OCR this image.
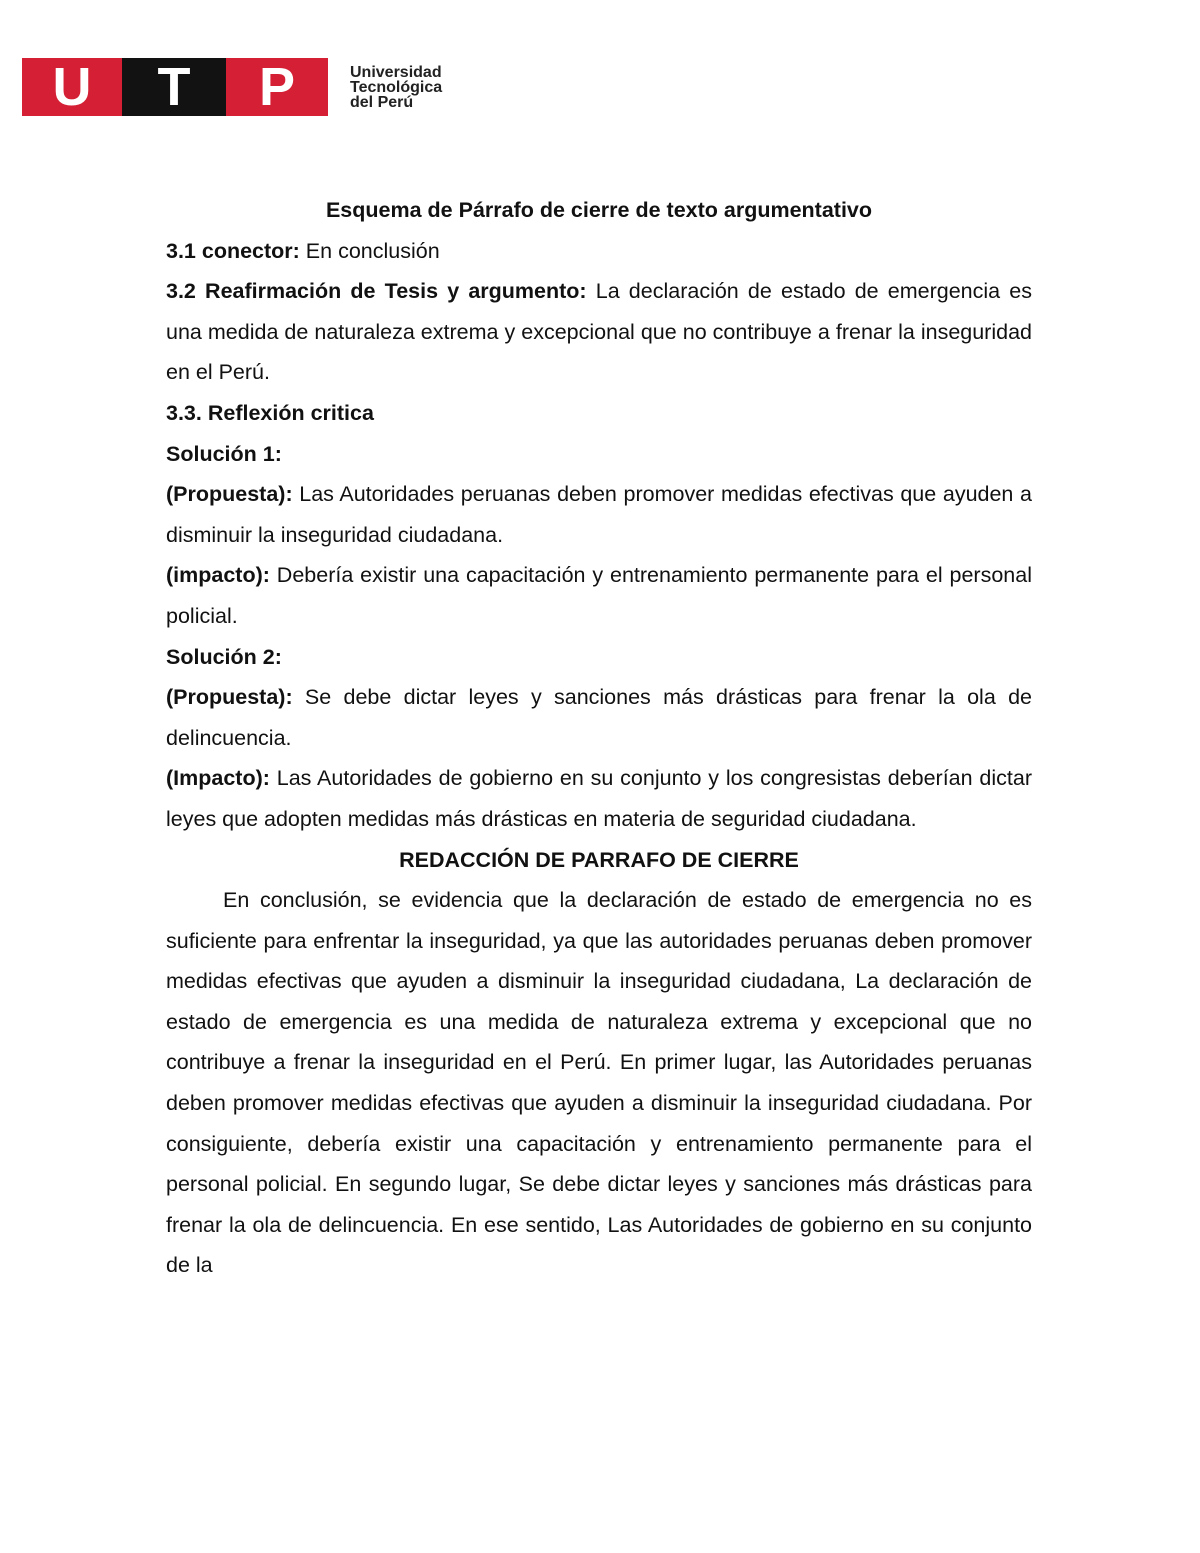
U	T	P	Universidad
Tecnológica
del Perú

Esquema de Párrafo de cierre de texto argumentativo

3.1 conector: En conclusión

3.2 Reafirmación de Tesis y argumento: La declaración de estado de emergencia es una medida de naturaleza extrema y excepcional que no contribuye a frenar la inseguridad en el Perú.

3.3. Reflexión critica

Solución 1:

(Propuesta): Las Autoridades peruanas deben promover medidas efectivas que ayuden a disminuir la inseguridad ciudadana.

(impacto): Debería existir una capacitación y entrenamiento permanente para el personal policial.

Solución 2:

(Propuesta): Se debe dictar leyes y sanciones más drásticas para frenar la ola de delincuencia.

(Impacto): Las Autoridades de gobierno en su conjunto y los congresistas deberían dictar leyes que adopten medidas más drásticas en materia de seguridad ciudadana.

REDACCIÓN DE PARRAFO DE CIERRE

En conclusión, se evidencia que la declaración de estado de emergencia no es suficiente para enfrentar la inseguridad, ya que las autoridades peruanas deben promover medidas efectivas que ayuden a disminuir la inseguridad ciudadana, La declaración de estado de emergencia es una medida de naturaleza extrema y excepcional que no contribuye a frenar la inseguridad en el Perú. En primer lugar, las Autoridades peruanas deben promover medidas efectivas que ayuden a disminuir la inseguridad ciudadana. Por consiguiente, debería existir una capacitación y entrenamiento permanente para el personal policial. En segundo lugar, Se debe dictar leyes y sanciones más drásticas para frenar la ola de delincuencia. En ese sentido, Las Autoridades de gobierno en su conjunto de la
